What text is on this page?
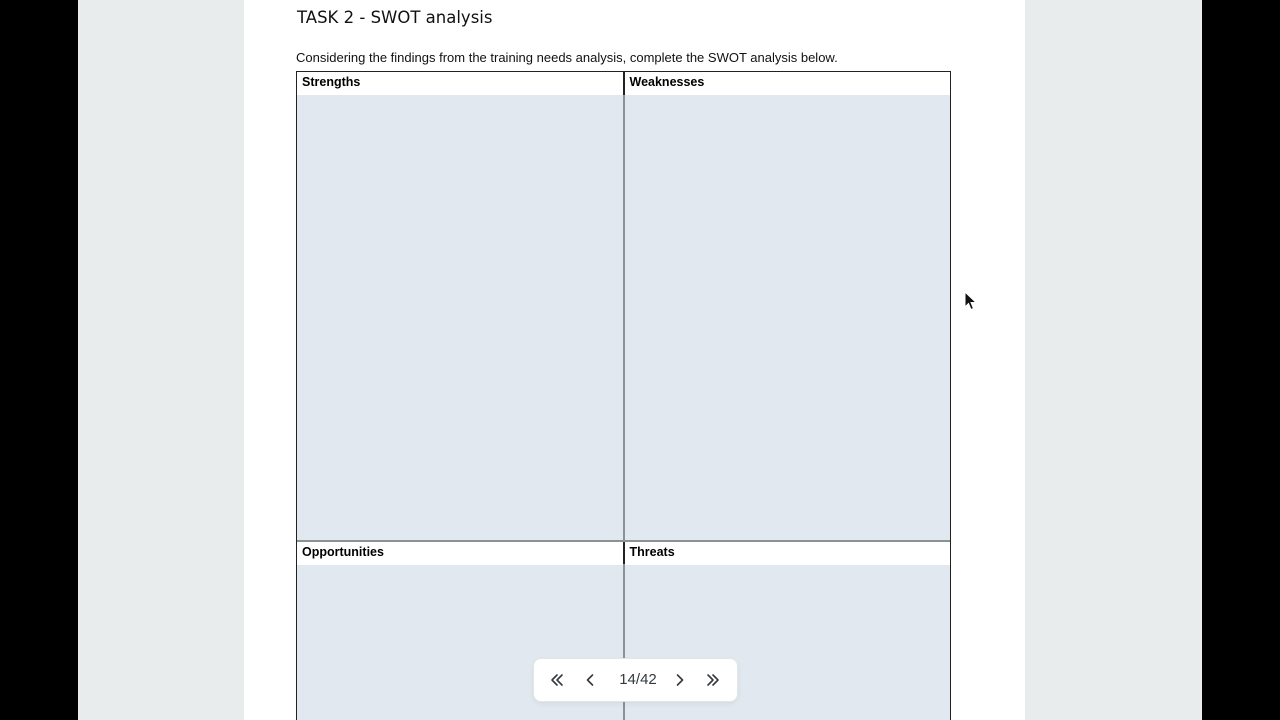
TASK 2 - SWOT analysis
Considering the findings from the training needs analysis, complete the SWOT analysis below.
Strengths	Weaknesses
Opportunities	Threats
14/42
